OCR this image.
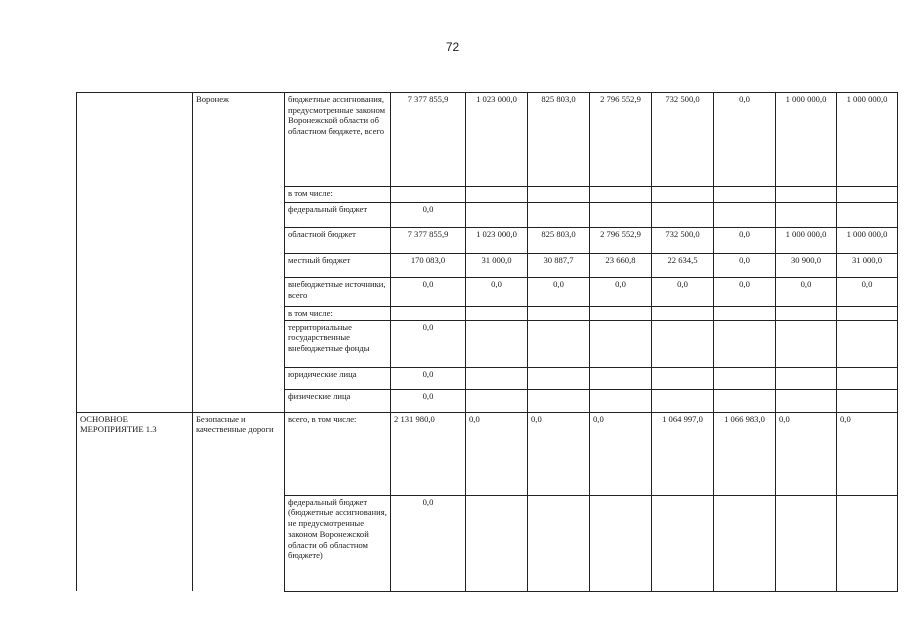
72
	Воронеж	бюджетные ассигнования, предусмотренные законом Воронежской области об областном бюджете, всего	7 377 855,9	1 023 000,0	825 803,0	2 796 552,9	732 500,0	0,0	1 000 000,0	1 000 000,0
		в том числе:								
		федеральный бюджет	0,0							
		областной бюджет	7 377 855,9	1 023 000,0	825 803,0	2 796 552,9	732 500,0	0,0	1 000 000,0	1 000 000,0
		местный бюджет	170 083,0	31 000,0	30 887,7	23 660,8	22 634,5	0,0	30 900,0	31 000,0
		внебюджетные источники, всего	0,0	0,0	0,0	0,0	0,0	0,0	0,0	0,0
		в том числе:								
		территориальные государственные внебюджетные фонды	0,0							
		юридические лица	0,0							
		физические лица	0,0							
ОСНОВНОЕ МЕРОПРИЯТИЕ 1.3	Безопасные и качественные дороги	всего, в том числе:	2 131 980,0	0,0	0,0	0,0	1 064 997,0	1 066 983,0	0,0	0,0
		федеральный бюджет (бюджетные ассигнования, не предусмотренные законом Воронежской области об областном бюджете)	0,0							
